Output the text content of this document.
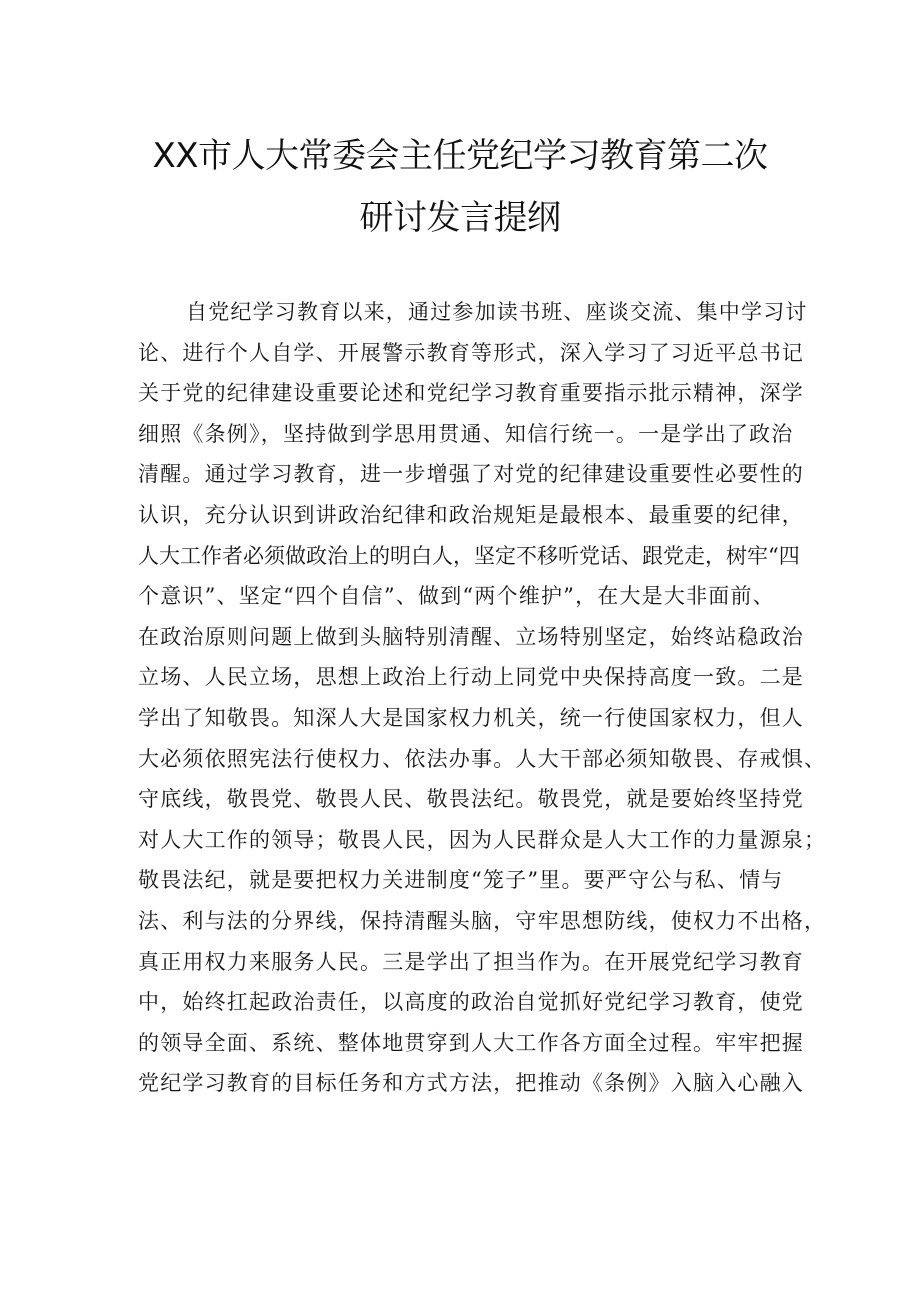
XX市人大常委会主任党纪学习教育第二次
研讨发言提纲
自党纪学习教育以来，通过参加读书班、座谈交流、集中学习讨
论、进行个人自学、开展警示教育等形式，深入学习了习近平总书记
关于党的纪律建设重要论述和党纪学习教育重要指示批示精神，深学
细照《条例》，坚持做到学思用贯通、知信行统一。一是学出了政治
清醒。通过学习教育，进一步增强了对党的纪律建设重要性必要性的
认识，充分认识到讲政治纪律和政治规矩是最根本、最重要的纪律，
人大工作者必须做政治上的明白人，坚定不移听党话、跟党走，树牢“四
个意识”、坚定“四个自信”、做到“两个维护”，在大是大非面前、
在政治原则问题上做到头脑特别清醒、立场特别坚定，始终站稳政治
立场、人民立场，思想上政治上行动上同党中央保持高度一致。二是
学出了知敬畏。知深人大是国家权力机关，统一行使国家权力，但人
大必须依照宪法行使权力、依法办事。人大干部必须知敬畏、存戒惧、
守底线，敬畏党、敬畏人民、敬畏法纪。敬畏党，就是要始终坚持党
对人大工作的领导；敬畏人民，因为人民群众是人大工作的力量源泉；
敬畏法纪，就是要把权力关进制度“笼子”里。要严守公与私、情与
法、利与法的分界线，保持清醒头脑，守牢思想防线，使权力不出格，
真正用权力来服务人民。三是学出了担当作为。在开展党纪学习教育
中，始终扛起政治责任，以高度的政治自觉抓好党纪学习教育，使党
的领导全面、系统、整体地贯穿到人大工作各方面全过程。牢牢把握
党纪学习教育的目标任务和方式方法，把推动《条例》入脑入心融入
